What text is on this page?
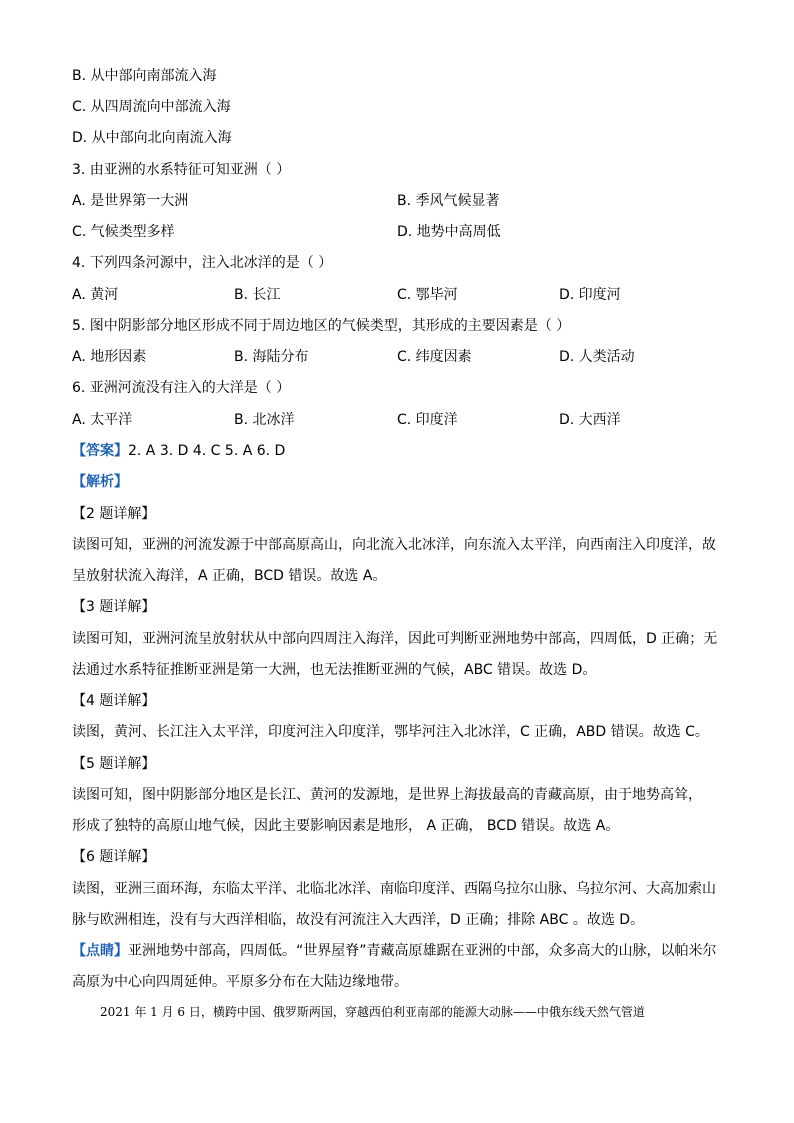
B. 从中部向南部流入海
C. 从四周流向中部流入海
D. 从中部向北向南流入海
3. 由亚洲的水系特征可知亚洲（ ）
A. 是世界第一大洲	B. 季风气候显著
C. 气候类型多样	D. 地势中高周低
4. 下列四条河源中，注入北冰洋的是（ ）
A. 黄河	B. 长江	C. 鄂毕河	D. 印度河
5. 图中阴影部分地区形成不同于周边地区的气候类型，其形成的主要因素是（ ）
A. 地形因素	B. 海陆分布	C. 纬度因素	D. 人类活动
6. 亚洲河流没有注入的大洋是（ ）
A. 太平洋	B. 北冰洋	C. 印度洋	D. 大西洋
【答案】2. A 3. D 4. C 5. A 6. D
【解析】
【2 题详解】
读图可知，亚洲的河流发源于中部高原高山，向北流入北冰洋，向东流入太平洋，向西南注入印度洋，故
呈放射状流入海洋，A 正确，BCD 错误。故选 A。
【3 题详解】
读图可知，亚洲河流呈放射状从中部向四周注入海洋，因此可判断亚洲地势中部高，四周低，D 正确；无
法通过水系特征推断亚洲是第一大洲，也无法推断亚洲的气候，ABC 错误。故选 D。
【4 题详解】
读图，黄河、长江注入太平洋，印度河注入印度洋，鄂毕河注入北冰洋，C 正确，ABD 错误。故选 C。
【5 题详解】
读图可知，图中阴影部分地区是长江、黄河的发源地，是世界上海拔最高的青藏高原，由于地势高耸，
形成了独特的高原山地气候，因此主要影响因素是地形， A 正确， BCD 错误。故选 A。
【6 题详解】
读图，亚洲三面环海，东临太平洋、北临北冰洋、南临印度洋、西隔乌拉尔山脉、乌拉尔河、大高加索山
脉与欧洲相连，没有与大西洋相临，故没有河流注入大西洋，D 正确；排除 ABC 。故选 D。
【点睛】亚洲地势中部高，四周低。“世界屋脊”青藏高原雄踞在亚洲的中部，众多高大的山脉，以帕米尔
高原为中心向四周延伸。平原多分布在大陆边缘地带。
2021 年 1 月 6 日，横跨中国、俄罗斯两国，穿越西伯利亚南部的能源大动脉——中俄东线天然气管道
